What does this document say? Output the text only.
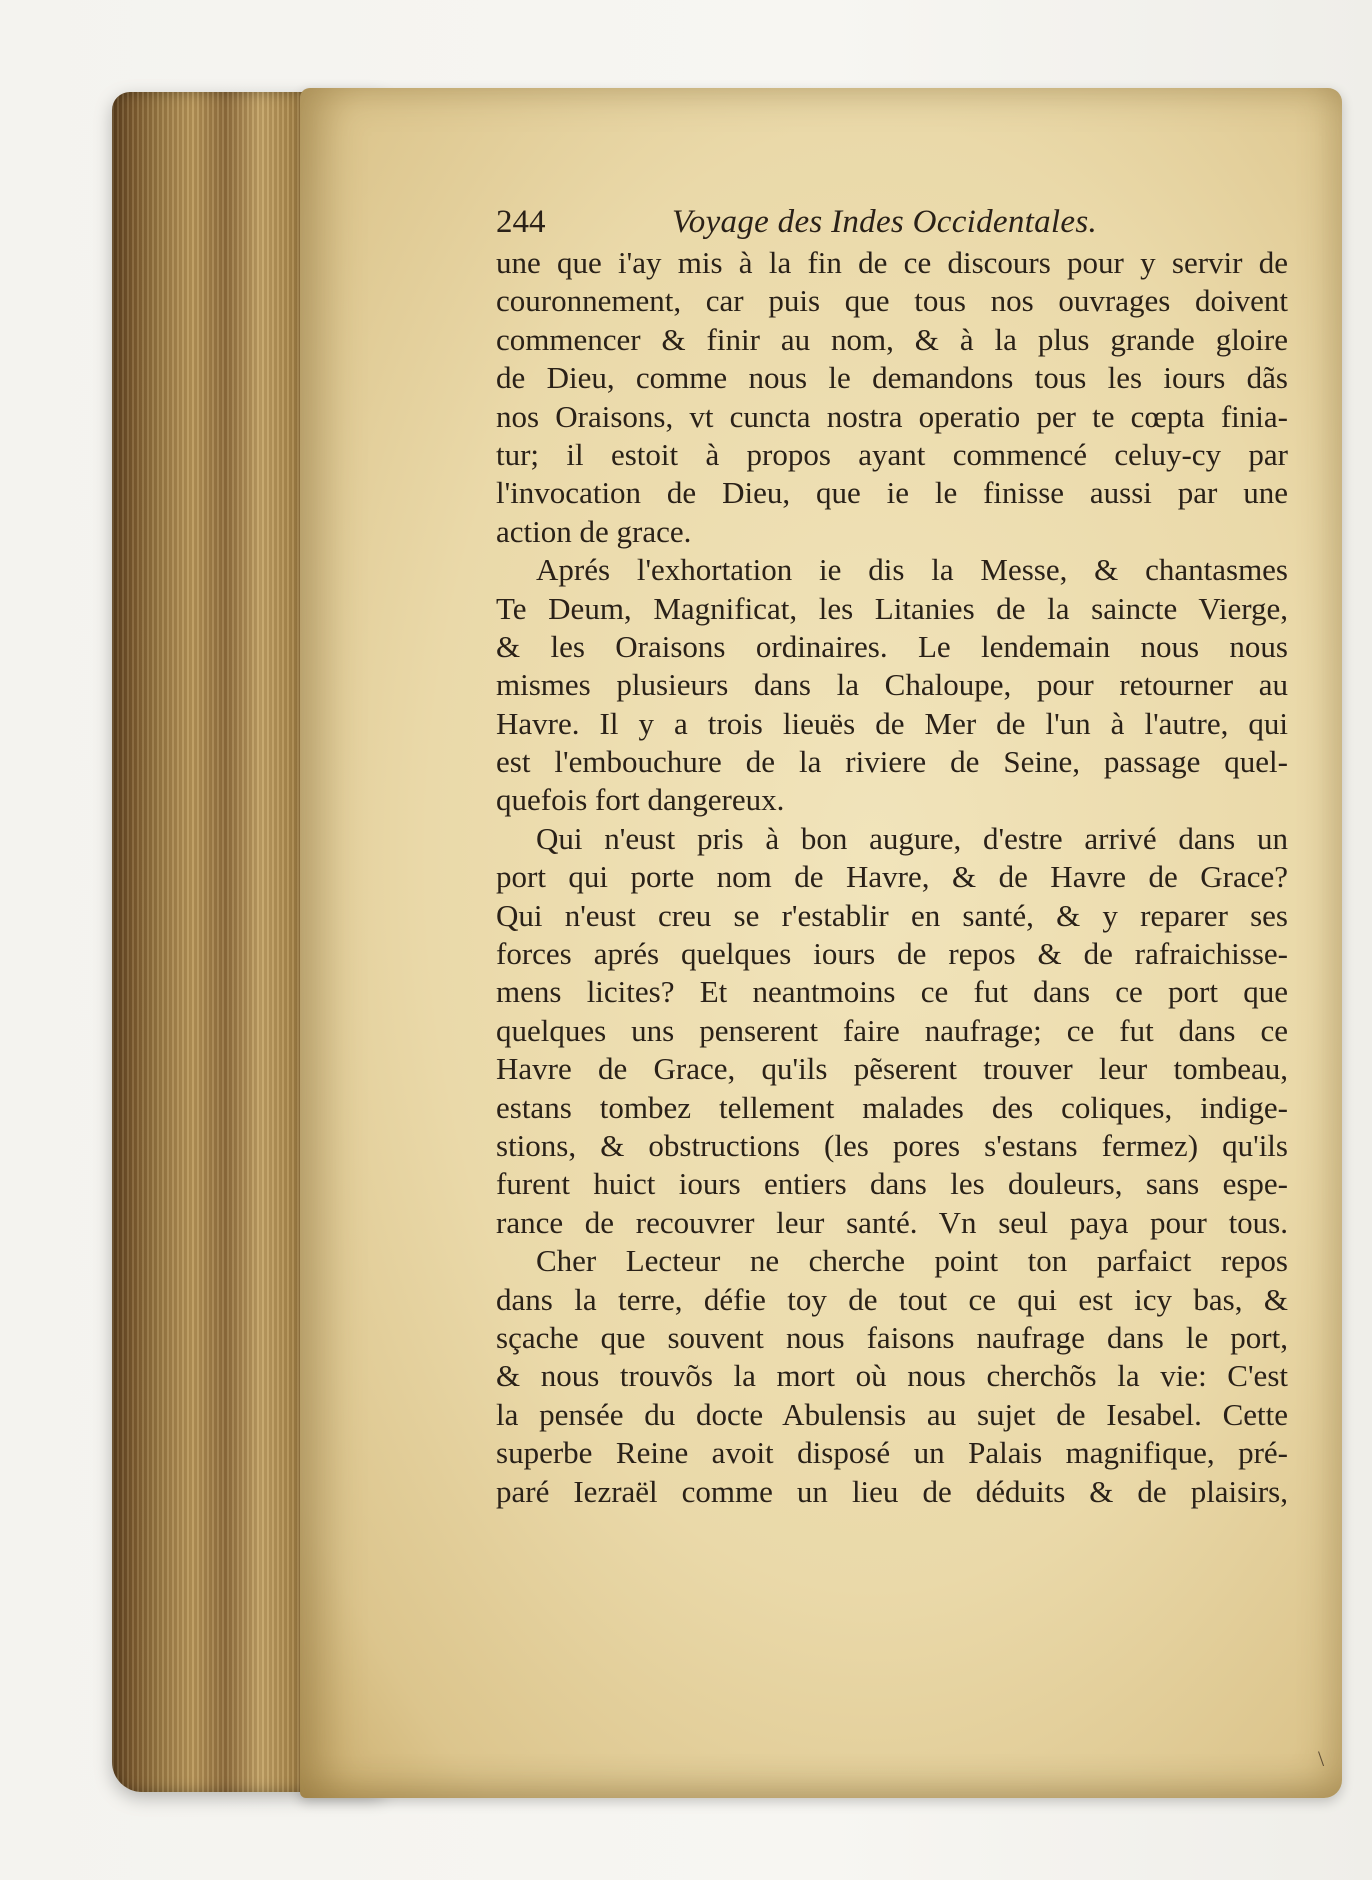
244	Voyage des Indes Occidentales.
une que i'ay mis à la fin de ce discours pour y servir de
couronnement, car puis que tous nos ouvrages doivent
commencer & finir au nom, & à la plus grande gloire
de Dieu, comme nous le demandons tous les iours dãs
nos Oraisons, vt cuncta nostra operatio per te cœpta finia-
tur; il estoit à propos ayant commencé celuy-cy par
l'invocation de Dieu, que ie le finisse aussi par une
action de grace.
Aprés l'exhortation ie dis la Messe, & chantasmes
Te Deum, Magnificat, les Litanies de la saincte Vierge,
& les Oraisons ordinaires. Le lendemain nous nous
mismes plusieurs dans la Chaloupe, pour retourner au
Havre. Il y a trois lieuës de Mer de l'un à l'autre, qui
est l'embouchure de la riviere de Seine, passage quel-
quefois fort dangereux.
Qui n'eust pris à bon augure, d'estre arrivé dans un
port qui porte nom de Havre, & de Havre de Grace?
Qui n'eust creu se r'establir en santé, & y reparer ses
forces aprés quelques iours de repos & de rafraichisse-
mens licites? Et neantmoins ce fut dans ce port que
quelques uns penserent faire naufrage; ce fut dans ce
Havre de Grace, qu'ils pẽserent trouver leur tombeau,
estans tombez tellement malades des coliques, indige-
stions, & obstructions (les pores s'estans fermez) qu'ils
furent huict iours entiers dans les douleurs, sans espe-
rance de recouvrer leur santé. Vn seul paya pour tous.
Cher Lecteur ne cherche point ton parfaict repos
dans la terre, défie toy de tout ce qui est icy bas, &
sçache que souvent nous faisons naufrage dans le port,
& nous trouvõs la mort où nous cherchõs la vie: C'est
la pensée du docte Abulensis au sujet de Iesabel. Cette
superbe Reine avoit disposé un Palais magnifique, pré-
paré Iezraël comme un lieu de déduits & de plaisirs,
\
